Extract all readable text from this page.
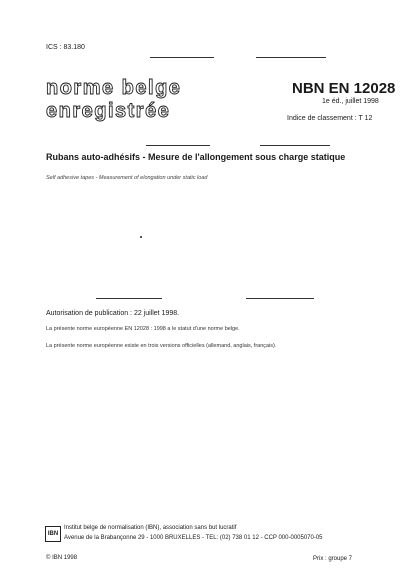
ICS : 83.180
norme belge
enregistrée
NBN EN 12028
1e éd., juillet 1998
Indice de classement : T 12
Rubans auto-adhésifs - Mesure de l'allongement sous charge statique
Self adhesive tapes - Measurement of elongation under static load
Autorisation de publication : 22 juillet 1998.
La présente norme européenne EN 12028 : 1998 a le statut d'une norme belge.
La présente norme européenne existe en trois versions officielles (allemand, anglais, français).
IBN
Institut belge de normalisation (IBN), association sans but lucratif
Avenue de la Brabançonne 29 - 1000 BRUXELLES - TEL: (02) 738 01 12 - CCP 000-0005070-05
© IBN 1998	Prix : groupe 7
